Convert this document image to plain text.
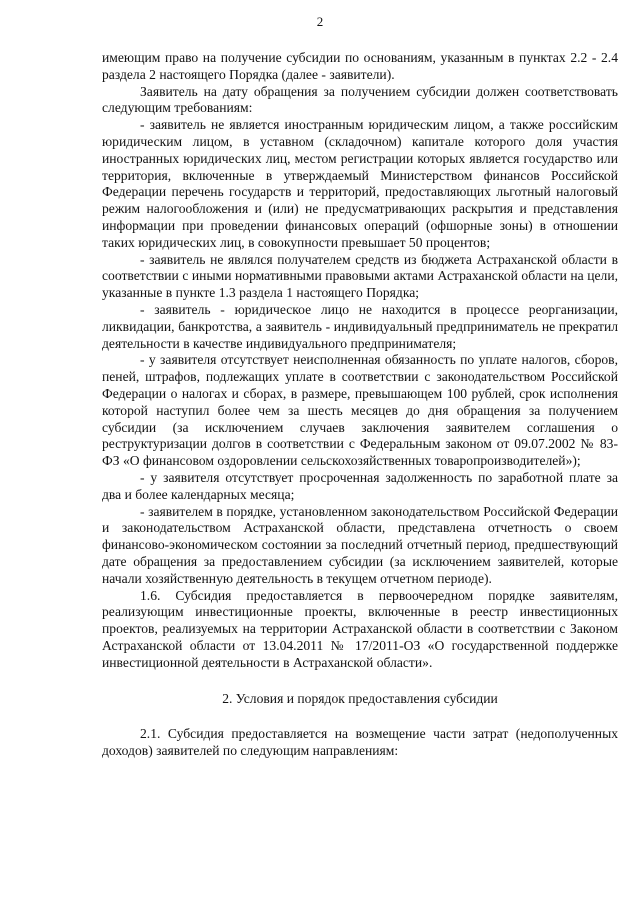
2

имеющим право на получение субсидии по основаниям, указанным в пунктах 2.2 - 2.4 раздела 2 настоящего Порядка (далее - заявители).

Заявитель на дату обращения за получением субсидии должен соответствовать следующим требованиям:

- заявитель не является иностранным юридическим лицом, а также российским юридическим лицом, в уставном (складочном) капитале которого доля участия иностранных юридических лиц, местом регистрации которых является государство или территория, включенные в утверждаемый Министерством финансов Российской Федерации перечень государств и территорий, предоставляющих льготный налоговый режим налогообложения и (или) не предусматривающих раскрытия и представления информации при проведении финансовых операций (офшорные зоны) в отношении таких юридических лиц, в совокупности превышает 50 процентов;

- заявитель не являлся получателем средств из бюджета Астраханской области в соответствии с иными нормативными правовыми актами Астраханской области на цели, указанные в пункте 1.3 раздела 1 настоящего Порядка;

- заявитель - юридическое лицо не находится в процессе реорганизации, ликвидации, банкротства, а заявитель - индивидуальный предприниматель не прекратил деятельности в качестве индивидуального предпринимателя;

- у заявителя отсутствует неисполненная обязанность по уплате налогов, сборов, пеней, штрафов, подлежащих уплате в соответствии с законодательством Российской Федерации о налогах и сборах, в размере, превышающем 100 рублей, срок исполнения которой наступил более чем за шесть месяцев до дня обращения за получением субсидии (за исключением случаев заключения заявителем соглашения о реструктуризации долгов в соответствии с Федеральным законом от 09.07.2002 № 83-ФЗ «О финансовом оздоровлении сельскохозяйственных товаропроизводителей»);

- у заявителя отсутствует просроченная задолженность по заработной плате за два и более календарных месяца;

- заявителем в порядке, установленном законодательством Российской Федерации и законодательством Астраханской области, представлена отчетность о своем финансово-экономическом состоянии за последний отчетный период, предшествующий дате обращения за предоставлением субсидии (за исключением заявителей, которые начали хозяйственную деятельность в текущем отчетном периоде).

1.6. Субсидия предоставляется в первоочередном порядке заявителям, реализующим инвестиционные проекты, включенные в реестр инвестиционных проектов, реализуемых на территории Астраханской области в соответствии с Законом Астраханской области от 13.04.2011 № 17/2011-ОЗ «О государственной поддержке инвестиционной деятельности в Астраханской области».

2. Условия и порядок предоставления субсидии

2.1. Субсидия предоставляется на возмещение части затрат (недополученных доходов) заявителей по следующим направлениям:
